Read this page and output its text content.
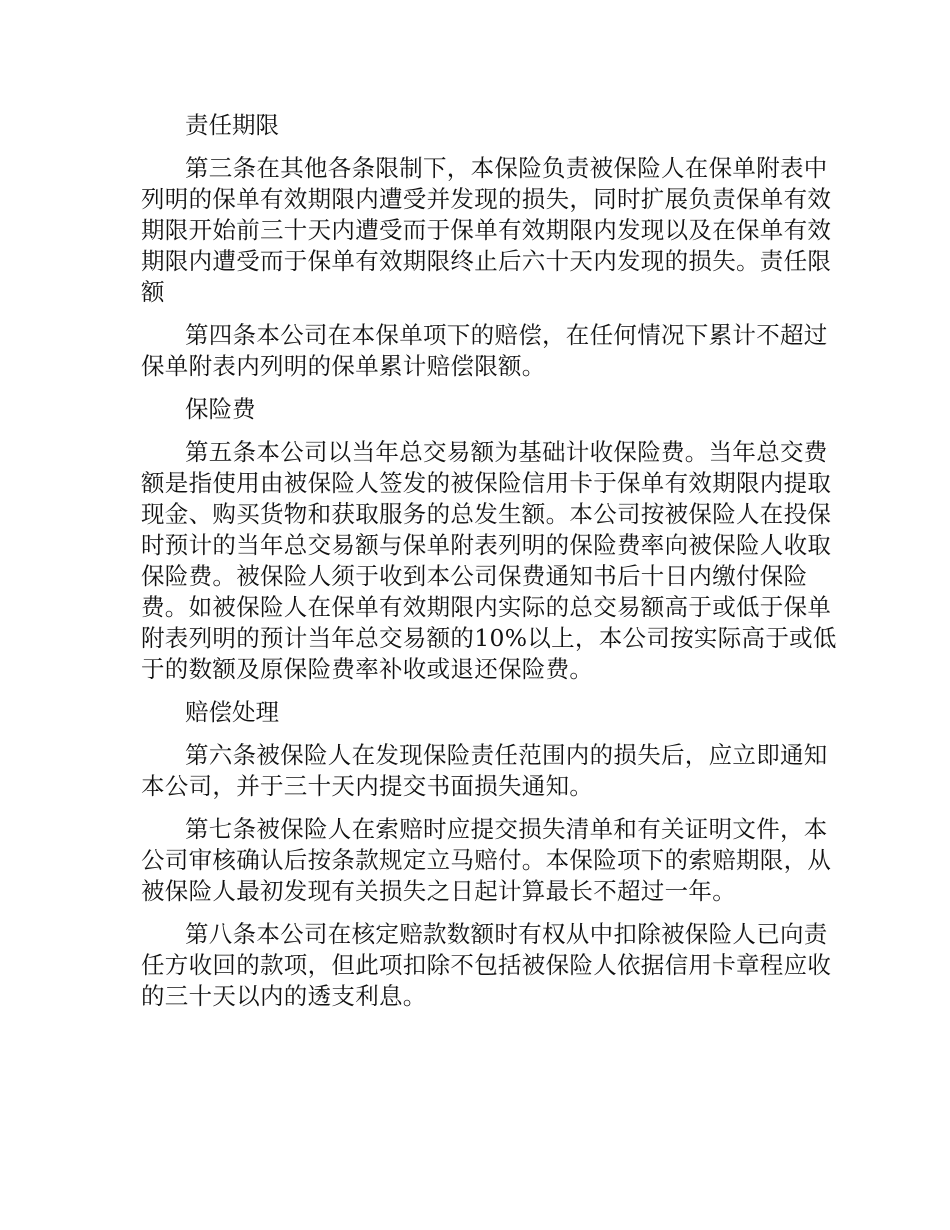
责任期限

第三条在其他各条限制下，本保险负责被保险人在保单附表中列明的保单有效期限内遭受并发现的损失，同时扩展负责保单有效期限开始前三十天内遭受而于保单有效期限内发现以及在保单有效期限内遭受而于保单有效期限终止后六十天内发现的损失。责任限额

第四条本公司在本保单项下的赔偿，在任何情况下累计不超过保单附表内列明的保单累计赔偿限额。

保险费

第五条本公司以当年总交易额为基础计收保险费。当年总交费额是指使用由被保险人签发的被保险信用卡于保单有效期限内提取现金、购买货物和获取服务的总发生额。本公司按被保险人在投保时预计的当年总交易额与保单附表列明的保险费率向被保险人收取保险费。被保险人须于收到本公司保费通知书后十日内缴付保险费。如被保险人在保单有效期限内实际的总交易额高于或低于保单附表列明的预计当年总交易额的10%以上，本公司按实际高于或低于的数额及原保险费率补收或退还保险费。

赔偿处理

第六条被保险人在发现保险责任范围内的损失后，应立即通知本公司，并于三十天内提交书面损失通知。

第七条被保险人在索赔时应提交损失清单和有关证明文件，本公司审核确认后按条款规定立马赔付。本保险项下的索赔期限，从被保险人最初发现有关损失之日起计算最长不超过一年。

第八条本公司在核定赔款数额时有权从中扣除被保险人已向责任方收回的款项，但此项扣除不包括被保险人依据信用卡章程应收的三十天以内的透支利息。
